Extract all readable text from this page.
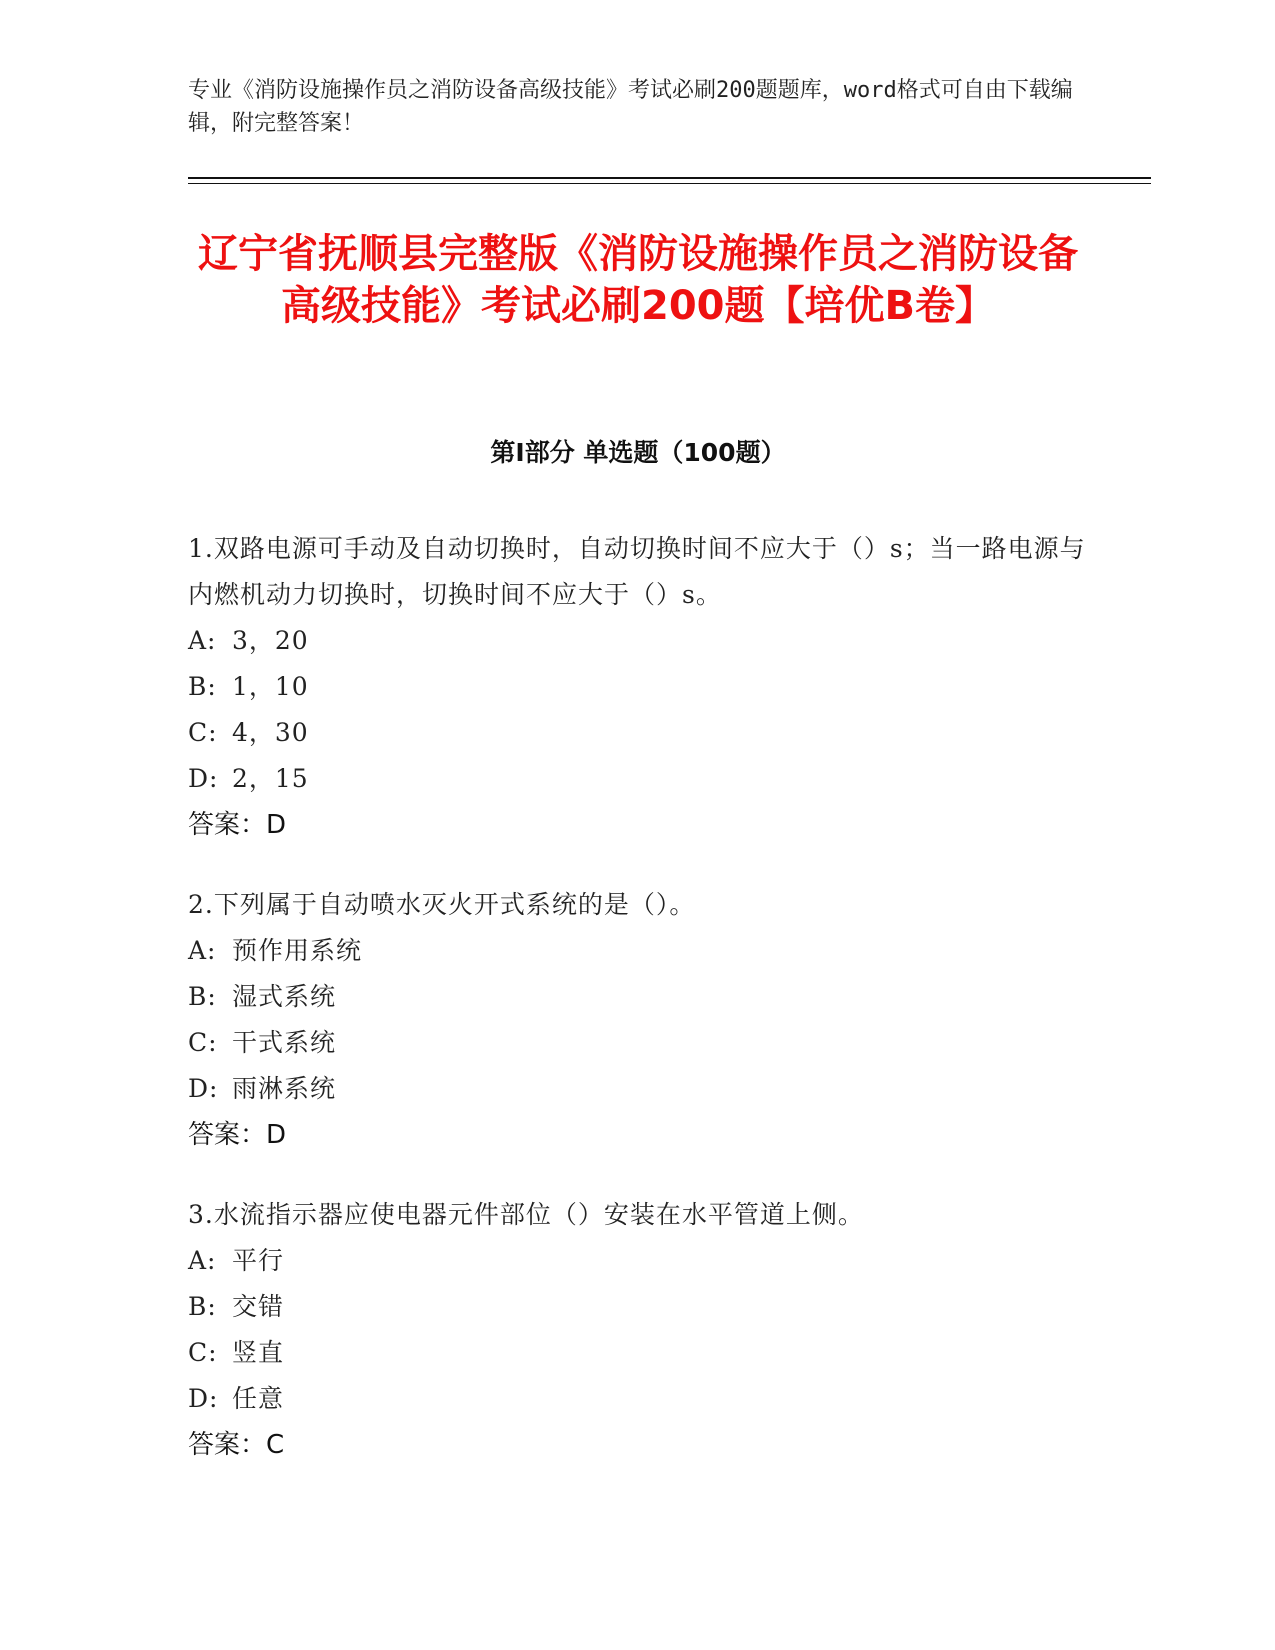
专业《消防设施操作员之消防设备高级技能》考试必刷200题题库，word格式可自由下载编辑，附完整答案！
辽宁省抚顺县完整版《消防设施操作员之消防设备高级技能》考试必刷200题【培优B卷】
第I部分 单选题（100题）
1.双路电源可手动及自动切换时，自动切换时间不应大于（）s；当一路电源与内燃机动力切换时，切换时间不应大于（）s。
A: 3，20
B: 1，10
C: 4，30
D: 2，15
答案：D
2.下列属于自动喷水灭火开式系统的是（）。
A: 预作用系统
B: 湿式系统
C: 干式系统
D: 雨淋系统
答案：D
3.水流指示器应使电器元件部位（）安装在水平管道上侧。
A: 平行
B: 交错
C: 竖直
D: 任意
答案：C
